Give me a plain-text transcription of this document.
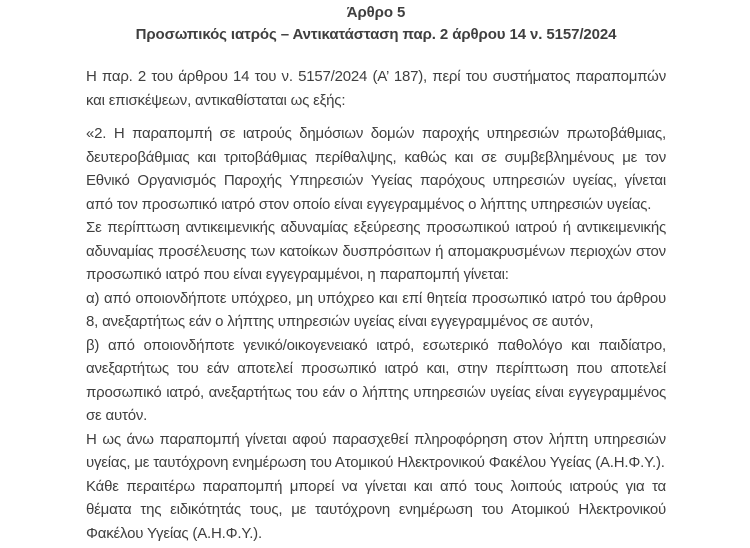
Άρθρο 5
Προσωπικός ιατρός – Αντικατάσταση παρ. 2 άρθρου 14 ν. 5157/2024

Η παρ. 2 του άρθρου 14 του ν. 5157/2024 (Α’ 187), περί του συστήματος παραπομπών και επισκέψεων, αντικαθίσταται ως εξής:

«2. Η παραπομπή σε ιατρούς δημόσιων δομών παροχής υπηρεσιών πρωτοβάθμιας, δευτεροβάθμιας και τριτοβάθμιας περίθαλψης, καθώς και σε συμβεβλημένους με τον Εθνικό Οργανισμός Παροχής Υπηρεσιών Υγείας παρόχους υπηρεσιών υγείας, γίνεται από τον προσωπικό ιατρό στον οποίο είναι εγγεγραμμένος ο λήπτης υπηρεσιών υγείας.

Σε περίπτωση αντικειμενικής αδυναμίας εξεύρεσης προσωπικού ιατρού ή αντικειμενικής αδυναμίας προσέλευσης των κατοίκων δυσπρόσιτων ή απομακρυσμένων περιοχών στον προσωπικό ιατρό που είναι εγγεγραμμένοι, η παραπομπή γίνεται:

α) από οποιονδήποτε υπόχρεο, μη υπόχρεο και επί θητεία προσωπικό ιατρό του άρθρου 8, ανεξαρτήτως εάν ο λήπτης υπηρεσιών υγείας είναι εγγεγραμμένος σε αυτόν,

β) από οποιονδήποτε γενικό/οικογενειακό ιατρό, εσωτερικό παθολόγο και παιδίατρο, ανεξαρτήτως του εάν αποτελεί προσωπικό ιατρό και, στην περίπτωση που αποτελεί προσωπικό ιατρό, ανεξαρτήτως του εάν ο λήπτης υπηρεσιών υγείας είναι εγγεγραμμένος σε αυτόν.

Η ως άνω παραπομπή γίνεται αφού παρασχεθεί πληροφόρηση στον λήπτη υπηρεσιών υγείας, με ταυτόχρονη ενημέρωση του Ατομικού Ηλεκτρονικού Φακέλου Υγείας (Α.Η.Φ.Υ.).

Κάθε περαιτέρω παραπομπή μπορεί να γίνεται και από τους λοιπούς ιατρούς για τα θέματα της ειδικότητάς τους, με ταυτόχρονη ενημέρωση του Ατομικού Ηλεκτρονικού Φακέλου Υγείας (Α.Η.Φ.Υ.).
